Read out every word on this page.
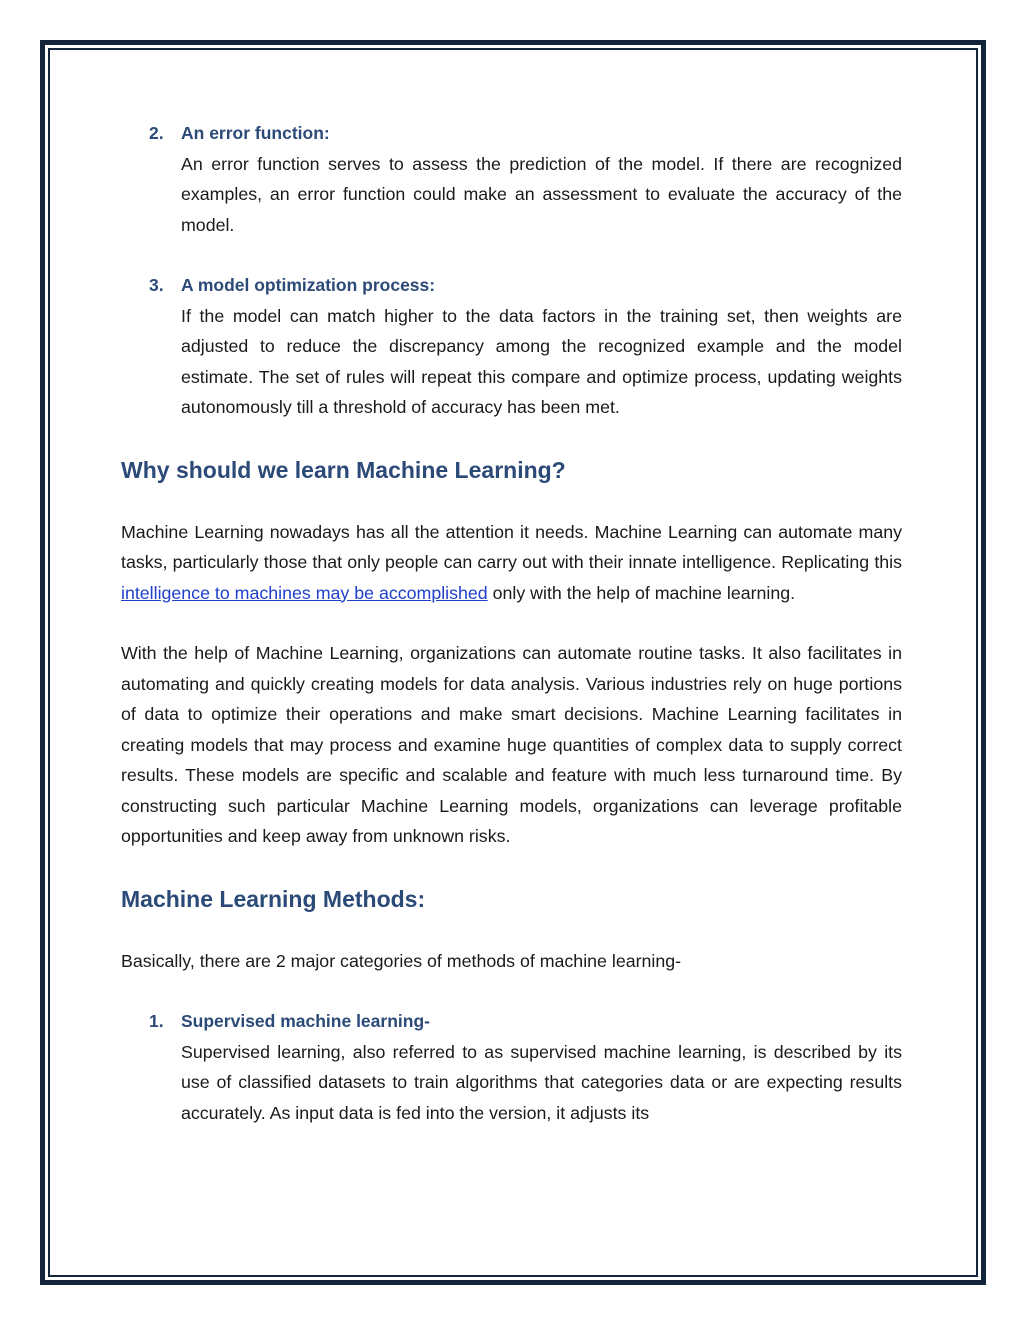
2. An error function:

An error function serves to assess the prediction of the model. If there are recognized examples, an error function could make an assessment to evaluate the accuracy of the model.

3. A model optimization process:

If the model can match higher to the data factors in the training set, then weights are adjusted to reduce the discrepancy among the recognized example and the model estimate. The set of rules will repeat this compare and optimize process, updating weights autonomously till a threshold of accuracy has been met.

Why should we learn Machine Learning?

Machine Learning nowadays has all the attention it needs. Machine Learning can automate many tasks, particularly those that only people can carry out with their innate intelligence. Replicating this intelligence to machines may be accomplished only with the help of machine learning.

With the help of Machine Learning, organizations can automate routine tasks. It also facilitates in automating and quickly creating models for data analysis. Various industries rely on huge portions of data to optimize their operations and make smart decisions. Machine Learning facilitates in creating models that may process and examine huge quantities of complex data to supply correct results. These models are specific and scalable and feature with much less turnaround time. By constructing such particular Machine Learning models, organizations can leverage profitable opportunities and keep away from unknown risks.

Machine Learning Methods:

Basically, there are 2 major categories of methods of machine learning-

1. Supervised machine learning-

Supervised learning, also referred to as supervised machine learning, is described by its use of classified datasets to train algorithms that categories data or are expecting results accurately. As input data is fed into the version, it adjusts its
